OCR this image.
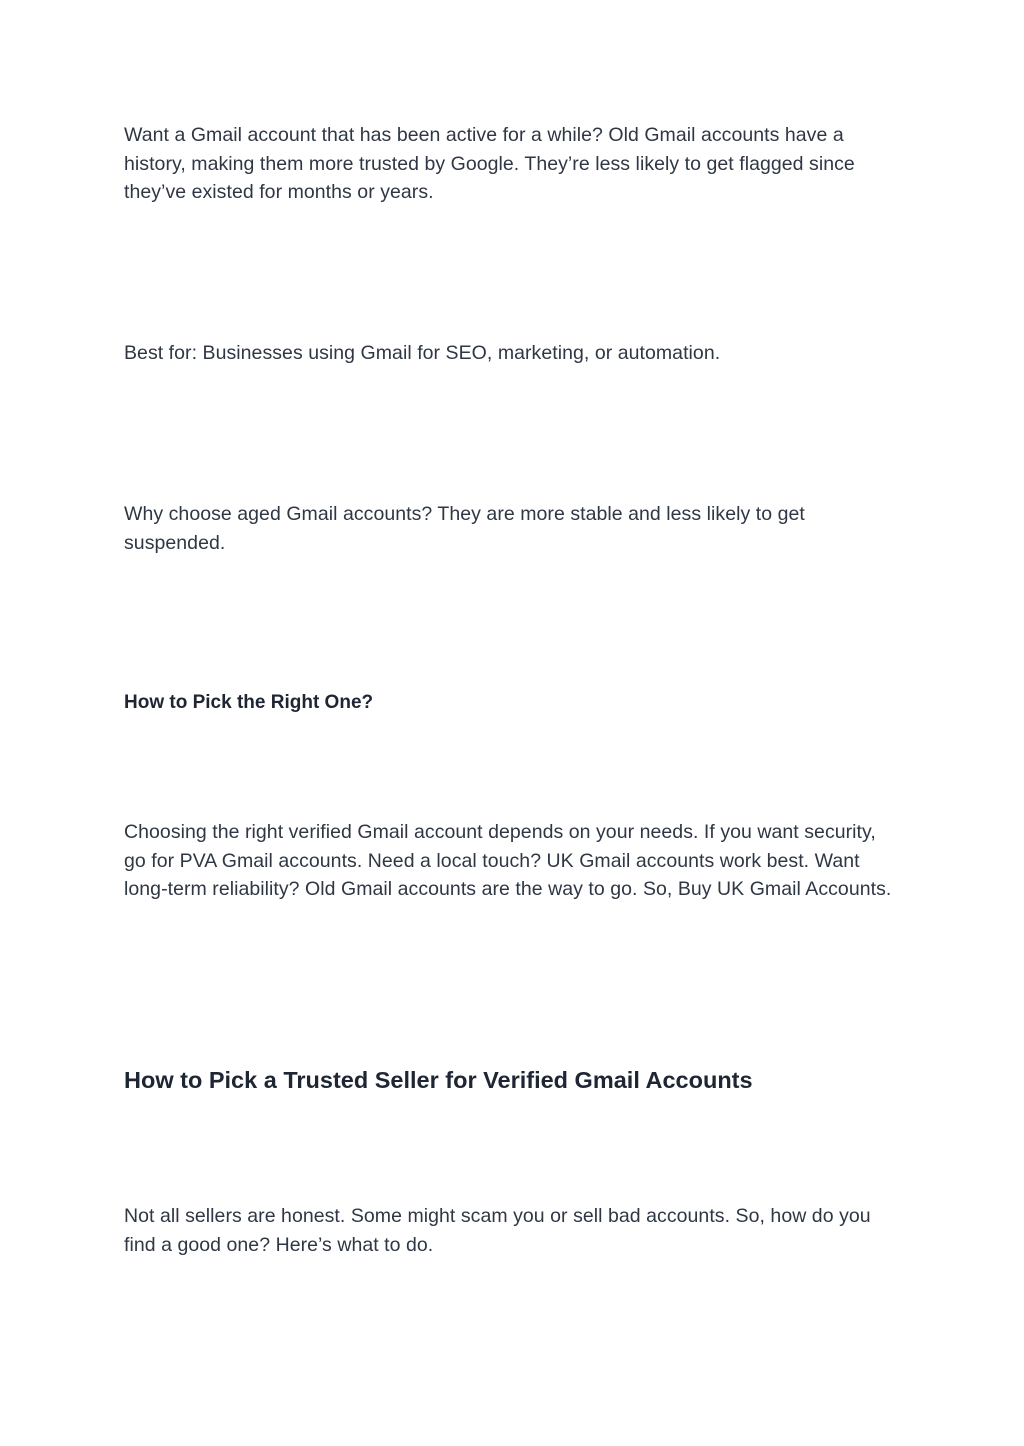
Want a Gmail account that has been active for a while? Old Gmail accounts have a history, making them more trusted by Google. They’re less likely to get flagged since they’ve existed for months or years.

Best for: Businesses using Gmail for SEO, marketing, or automation.

Why choose aged Gmail accounts? They are more stable and less likely to get suspended.

How to Pick the Right One?

Choosing the right verified Gmail account depends on your needs. If you want security, go for PVA Gmail accounts. Need a local touch? UK Gmail accounts work best. Want long-term reliability? Old Gmail accounts are the way to go. So, Buy UK Gmail Accounts.

How to Pick a Trusted Seller for Verified Gmail Accounts

Not all sellers are honest. Some might scam you or sell bad accounts. So, how do you find a good one? Here’s what to do.
